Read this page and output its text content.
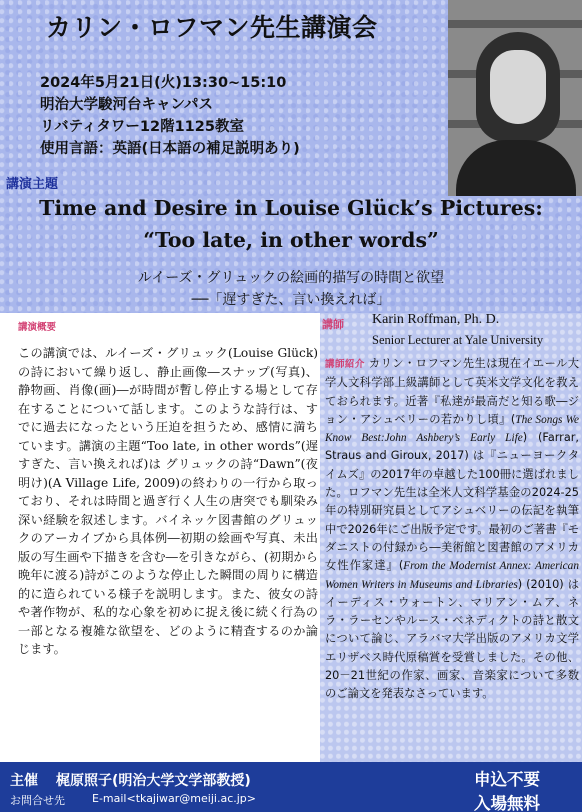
カリン・ロフマン先生講演会
2024年5月21日(火)13:30~15:10
明治大学駿河台キャンパス
リバティタワー12階1125教室
使用言語：英語(日本語の補足説明あり)
講演主題
Time and Desire in Louise Glück’s Pictures:
“Too late, in other words”
ルイーズ・グリュックの絵画的描写の時間と欲望
──「遅すぎた、言い換えれば」
講演概要
この講演では、ルイーズ・グリュック(Louise Glück)の詩において繰り返し、静止画像―スナップ(写真)、静物画、肖像(画)―が時間が暫し停止する場として存在することについて話します。このような詩行は、すでに過去になったという圧迫を担うため、感情に満ちています。講演の主題“Too late, in other words”(遅すぎた、言い換えれば)は グリュックの詩“Dawn”(夜明け)(A Village Life, 2009)の終わりの一行から取っており、それは時間と過ぎ行く人生の唐突でも馴染み深い経験を叙述します。バイネッケ図書館のグリュックのアーカイブから具体例―初期の絵画や写真、未出版の写生画や下描きを含む―を引きながら、(初期から晩年に渡る)詩がこのような停止した瞬間の周りに構造的に造られている様子を説明します。また、彼女の詩や著作物が、私的な心象を初めに捉え後に続く行為の一部となる複雑な欲望を、どのように精査するのか論じます。
講師 Karin Roffman, Ph. D.
Senior Lecturer at Yale University
講師紹介 カリン・ロフマン先生は現在イエール大学人文科学部上級講師として英米文学文化を教えておられます。近著『私達が最高だと知る歌―ジョン・アシュベリーの若かりし頃』(The Songs We Know Best:John Ashbery’s Early Life) (Farrar, Straus and Giroux, 2017) は『ニューヨークタイムズ』の2017年の卓越した100冊に選ばれました。ロフマン先生は全米人文科学基金の2024-25年の特別研究員としてアシュベリーの伝記を執筆中で2026年にご出版予定です。最初のご著書『モダニストの付録から―美術館と図書館のアメリカ女性作家達』(From the Modernist Annex: American Women Writers in Museums and Libraries) (2010) はイーディス・ウォートン、マリアン・ムア、ネラ・ラーセンやルース・ベネディクトの詩と散文について論じ、アラバマ大学出版のアメリカ文学エリザベス時代原稿賞を受賞しました。その他、20－21世紀の作家、画家、音楽家について多数のご論文を発表なさっています。
主催 梶原照子(明治大学文学部教授)
お問合せ先 E-mail<tkajiwar@meiji.ac.jp>
申込不要
入場無料
